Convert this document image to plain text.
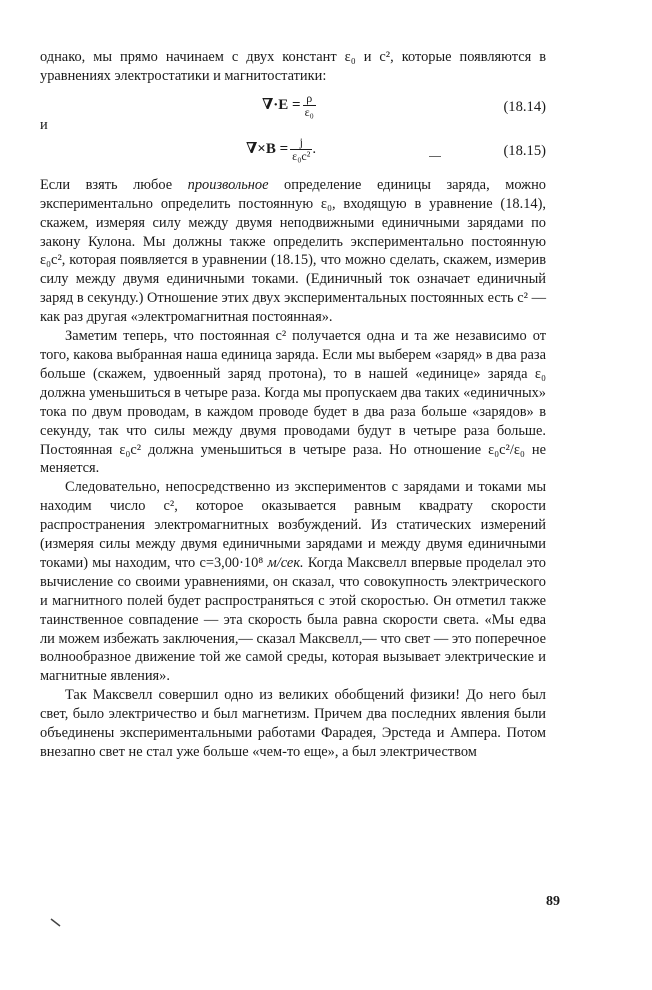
однако, мы прямо начинаем с двух констант ε₀ и c², которые появляются в уравнениях электростатики и магнитостатики:

$\nabla\cdot E = \frac{\rho}{\text{ε₀}}$	(18.14)
и
$\nabla\times B = \frac{j}{\text{ε₀c²}}$ .	(18.15)

Если взять любое произвольное определение единицы заряда, можно экспериментально определить постоянную ε₀, входящую в уравнение (18.14), скажем, измеряя силу между двумя неподвижными единичными зарядами по закону Кулона. Мы должны также определить экспериментально постоянную ε₀c², которая появляется в уравнении (18.15), что можно сделать, скажем, измерив силу между двумя единичными токами. (Единичный ток означает единичный заряд в секунду.) Отношение этих двух экспериментальных постоянных есть c² — как раз другая «электромагнитная постоянная».

Заметим теперь, что постоянная c² получается одна и та же независимо от того, какова выбранная наша единица заряда. Если мы выберем «заряд» в два раза больше (скажем, удвоенный заряд протона), то в нашей «единице» заряда ε₀ должна уменьшиться в четыре раза. Когда мы пропускаем два таких «единичных» тока по двум проводам, в каждом проводе будет в два раза больше «зарядов» в секунду, так что силы между двумя проводами будут в четыре раза больше. Постоянная ε₀c² должна уменьшиться в четыре раза. Но отношение ε₀c²/ε₀ не меняется.

Следовательно, непосредственно из экспериментов с зарядами и токами мы находим число c², которое оказывается равным квадрату скорости распространения электромагнитных возбуждений. Из статических измерений (измеряя силы между двумя единичными зарядами и между двумя единичными токами) мы находим, что c=3,00·10⁸ м/сек. Когда Максвелл впервые проделал это вычисление со своими уравнениями, он сказал, что совокупность электрического и магнитного полей будет распространяться с этой скоростью. Он отметил также таинственное совпадение — эта скорость была равна скорости света. «Мы едва ли можем избежать заключения,— сказал Максвелл,— что свет — это поперечное волнообразное движение той же самой среды, которая вызывает электрические и магнитные явления».

Так Максвелл совершил одно из великих обобщений физики! До него был свет, было электричество и был магнетизм. Причем два последних явления были объединены экспериментальными работами Фарадея, Эрстеда и Ампера. Потом внезапно свет не стал уже больше «чем-то еще», а был электричеством

89
